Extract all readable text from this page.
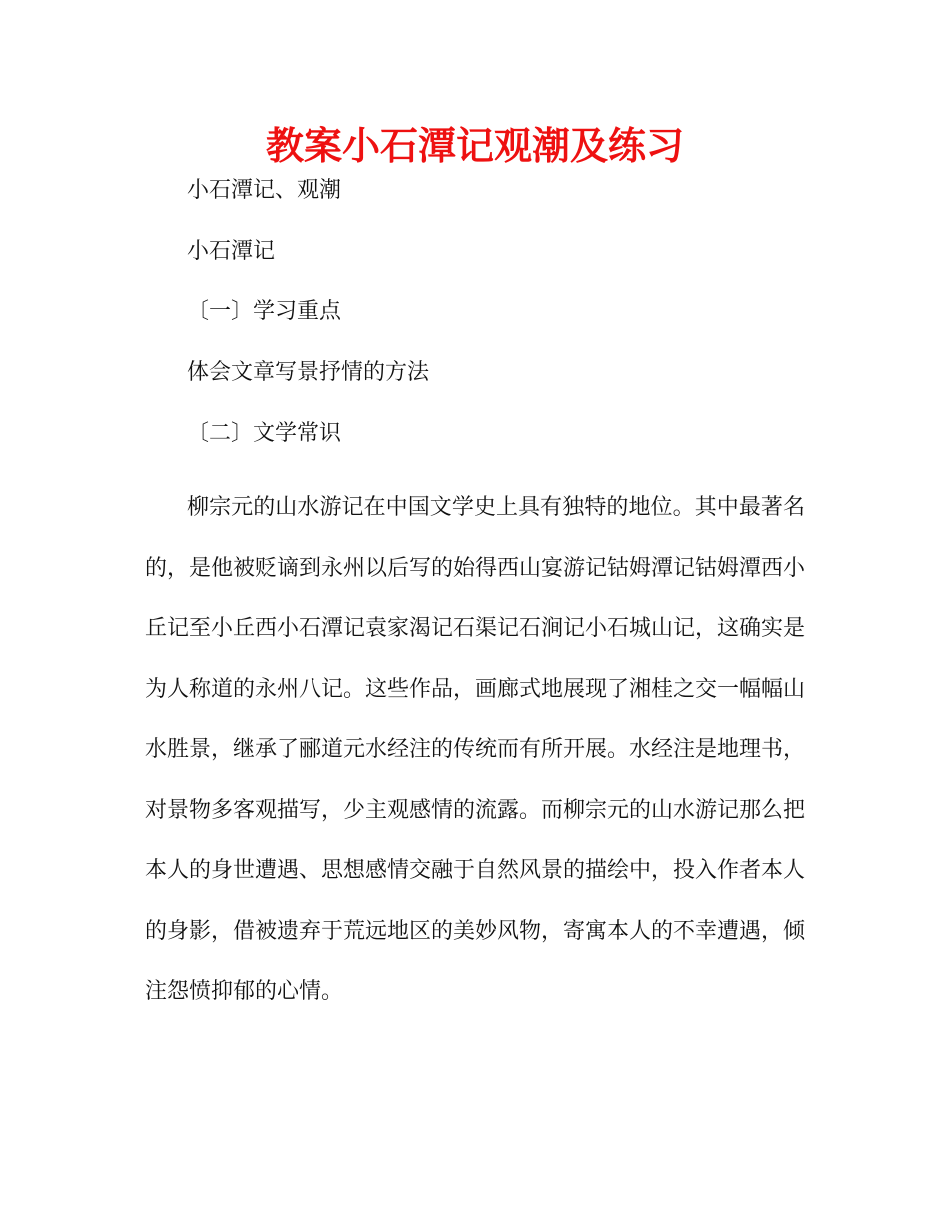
教案小石潭记观潮及练习
小石潭记、观潮
小石潭记
〔一〕学习重点
体会文章写景抒情的方法
〔二〕文学常识

柳宗元的山水游记在中国文学史上具有独特的地位。其中最著名的，是他被贬谪到永州以后写的始得西山宴游记钴姆潭记钴姆潭西小丘记至小丘西小石潭记袁家渴记石渠记石涧记小石城山记，这确实是为人称道的永州八记。这些作品，画廊式地展现了湘桂之交一幅幅山水胜景，继承了郦道元水经注的传统而有所开展。水经注是地理书，对景物多客观描写，少主观感情的流露。而柳宗元的山水游记那么把本人的身世遭遇、思想感情交融于自然风景的描绘中，投入作者本人的身影，借被遗弃于荒远地区的美妙风物，寄寓本人的不幸遭遇，倾注怨愤抑郁的心情。
